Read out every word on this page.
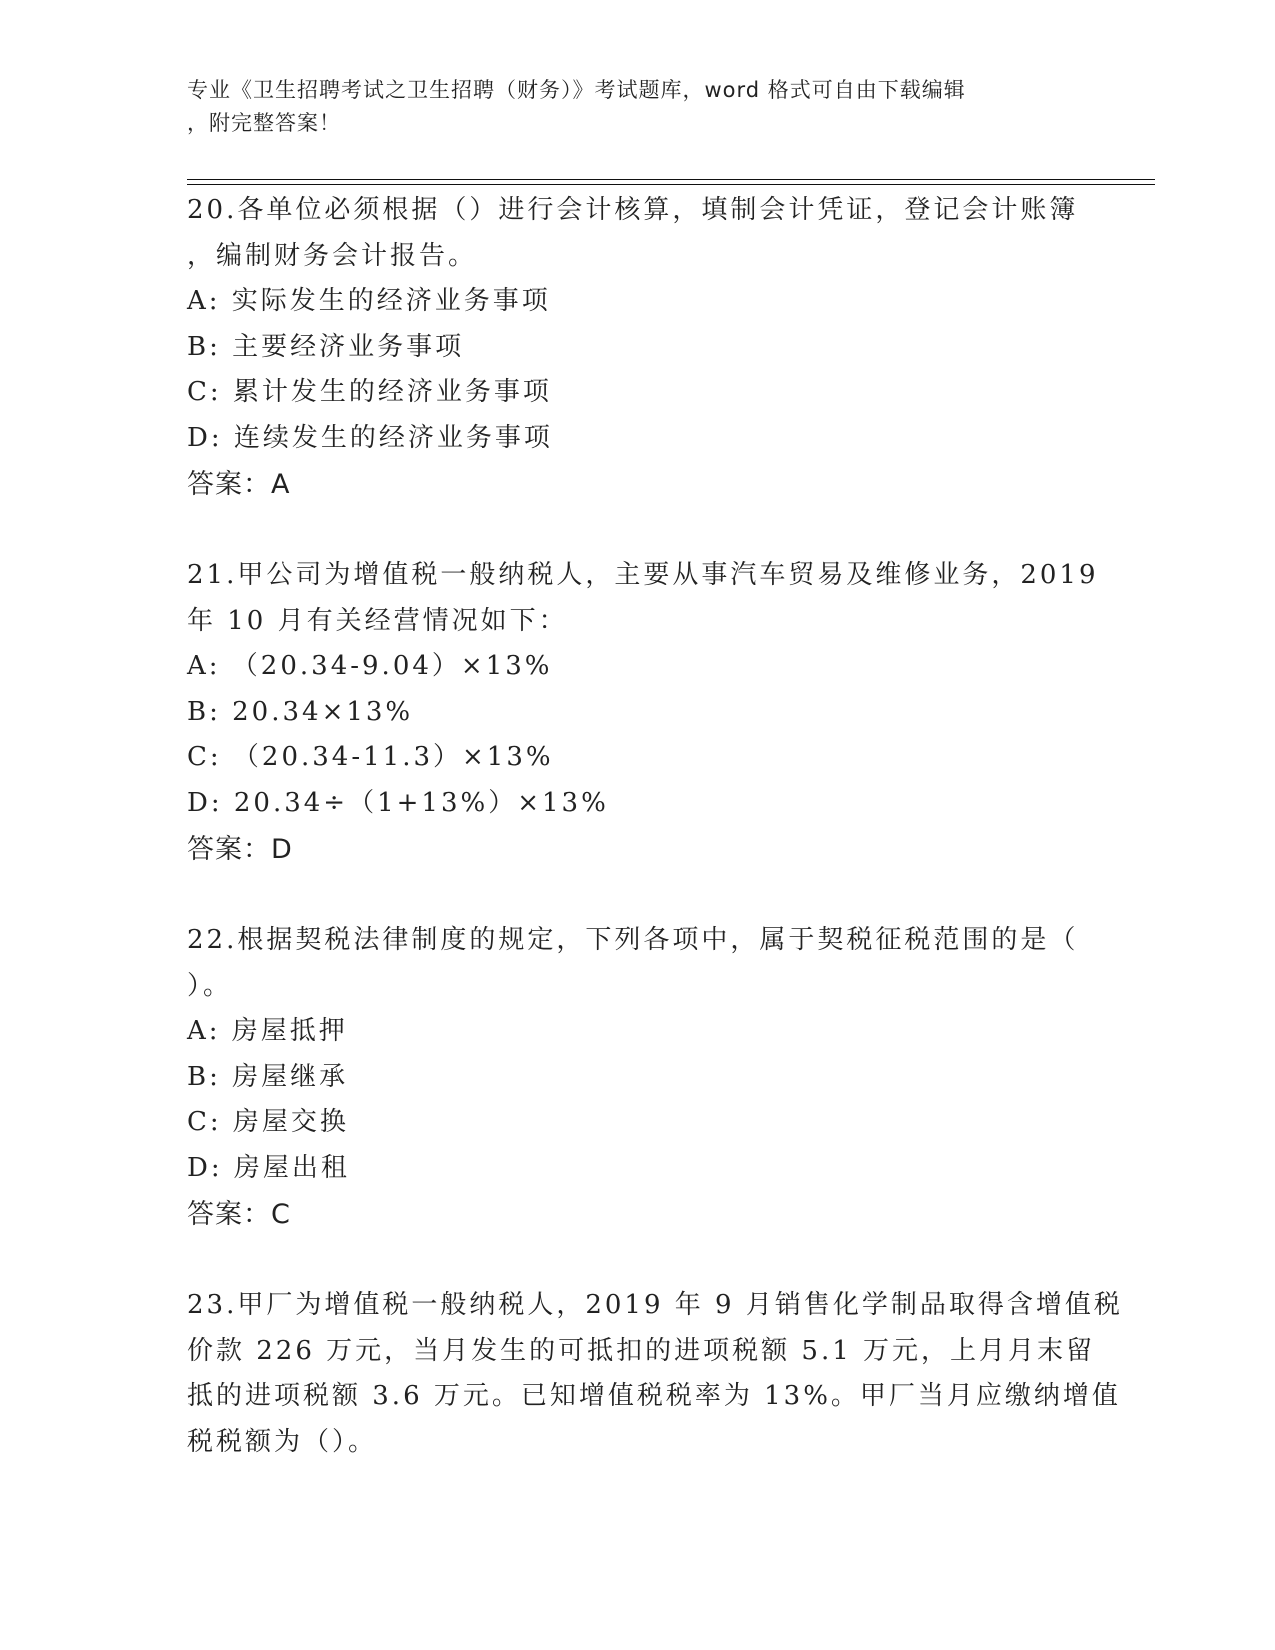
专业《卫生招聘考试之卫生招聘（财务）》考试题库，word 格式可自由下载编辑
，附完整答案！
20.各单位必须根据（）进行会计核算，填制会计凭证，登记会计账簿
，编制财务会计报告。
A: 实际发生的经济业务事项
B: 主要经济业务事项
C: 累计发生的经济业务事项
D: 连续发生的经济业务事项
答案：A
21.甲公司为增值税一般纳税人，主要从事汽车贸易及维修业务，2019
年 10 月有关经营情况如下：
A: （20.34-9.04）×13%
B: 20.34×13%
C: （20.34-11.3）×13%
D: 20.34÷（1+13%）×13%
答案：D
22.根据契税法律制度的规定，下列各项中，属于契税征税范围的是（
）。
A: 房屋抵押
B: 房屋继承
C: 房屋交换
D: 房屋出租
答案：C
23.甲厂为增值税一般纳税人，2019 年 9 月销售化学制品取得含增值税
价款 226 万元，当月发生的可抵扣的进项税额 5.1 万元，上月月末留
抵的进项税额 3.6 万元。已知增值税税率为 13%。甲厂当月应缴纳增值
税税额为（）。
